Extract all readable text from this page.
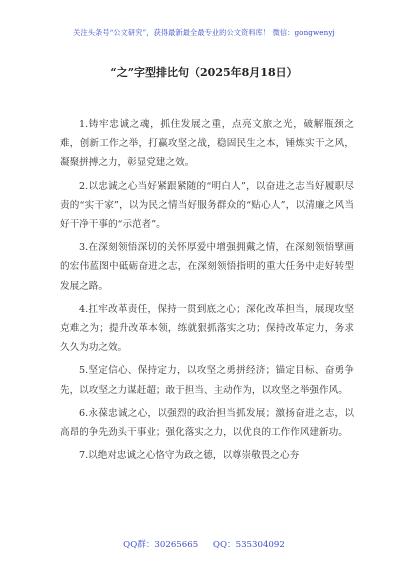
关注头条号“公文研究”，获得最新最全最专业的公文资料库！ 微信：gongwenyj
“之”字型排比句（2025年8月18日）

1.铸牢忠诚之魂，抓住发展之重，点亮文旅之光，破解瓶颈之难，创新工作之举，打赢攻坚之战，稳固民生之本，锤炼实干之风，凝聚拼搏之力，彰显党建之效。

2.以忠诚之心当好紧跟紧随的“明白人”，以奋进之志当好履职尽责的“实干家”，以为民之情当好服务群众的“贴心人”，以清廉之风当好干净干事的“示范者”。

3.在深刻领悟深切的关怀厚爱中增强拥戴之情，在深刻领悟擘画的宏伟蓝图中砥砺奋进之志，在深刻领悟指明的重大任务中走好转型发展之路。

4.扛牢改革责任，保持一贯到底之心；深化改革担当，展现攻坚克难之为；提升改革本领，练就狠抓落实之功；保持改革定力，务求久久为功之效。

5.坚定信心、保持定力，以攻坚之勇拼经济；锚定目标、奋勇争先，以攻坚之力谋赶超；敢于担当、主动作为，以攻坚之举强作风。

6.永葆忠诚之心，以强烈的政治担当抓发展；激扬奋进之志，以高昂的争先劲头干事业；强化落实之力，以优良的工作作风建新功。

7.以绝对忠诚之心恪守为政之德，以尊崇敬畏之心夯

QQ群：30265665 QQ：535304092
